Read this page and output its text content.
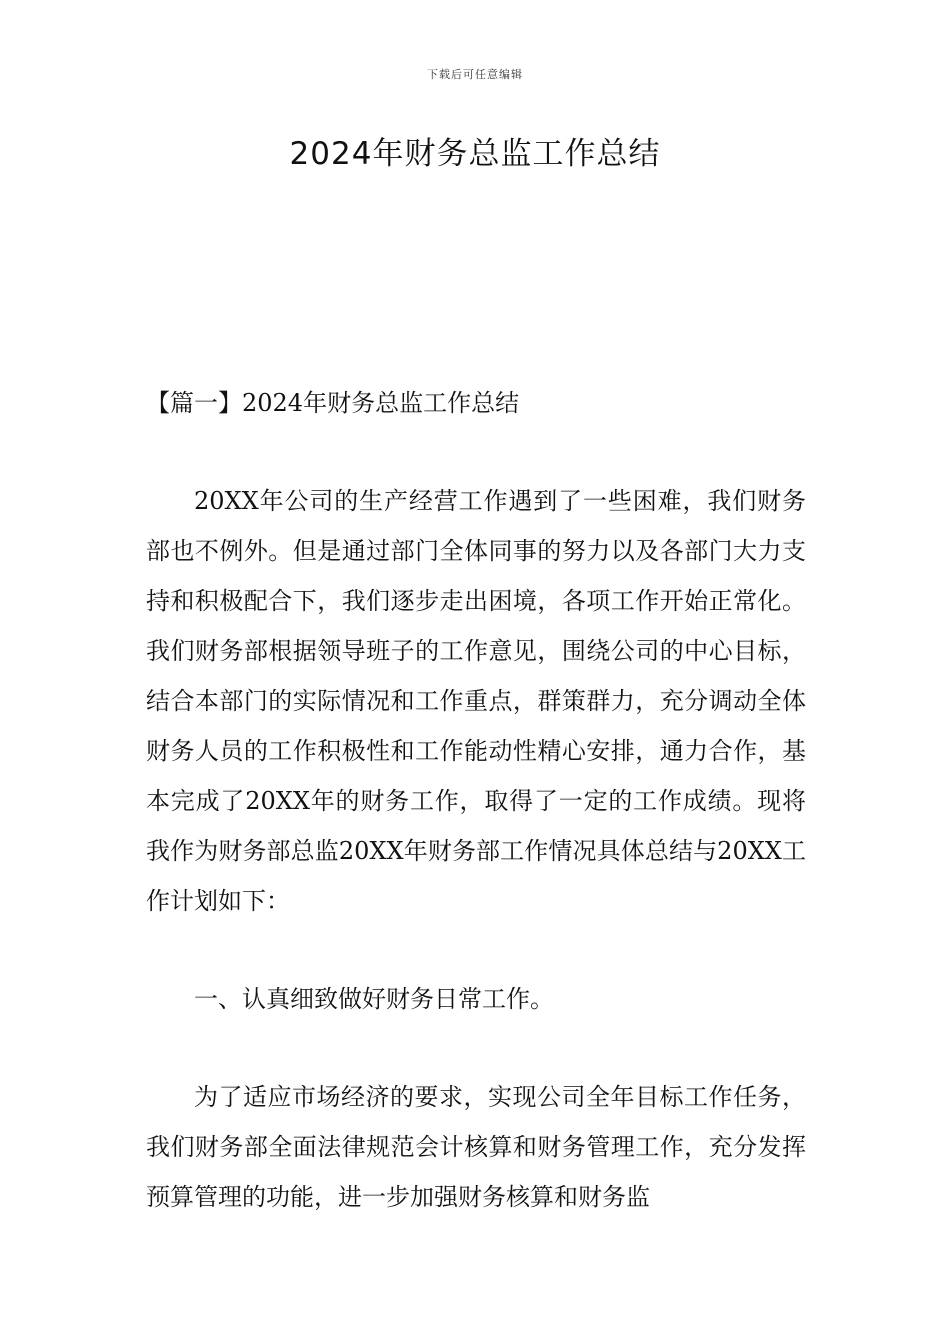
下载后可任意编辑
2024年财务总监工作总结

【篇一】2024年财务总监工作总结

20XX年公司的生产经营工作遇到了一些困难，我们财务部也不例外。但是通过部门全体同事的努力以及各部门大力支持和积极配合下，我们逐步走出困境，各项工作开始正常化。我们财务部根据领导班子的工作意见，围绕公司的中心目标，结合本部门的实际情况和工作重点，群策群力，充分调动全体财务人员的工作积极性和工作能动性精心安排，通力合作，基本完成了20XX年的财务工作，取得了一定的工作成绩。现将我作为财务部总监20XX年财务部工作情况具体总结与20XX工作计划如下：

一、认真细致做好财务日常工作。

为了适应市场经济的要求，实现公司全年目标工作任务，我们财务部全面法律规范会计核算和财务管理工作，充分发挥预算管理的功能，进一步加强财务核算和财务监
